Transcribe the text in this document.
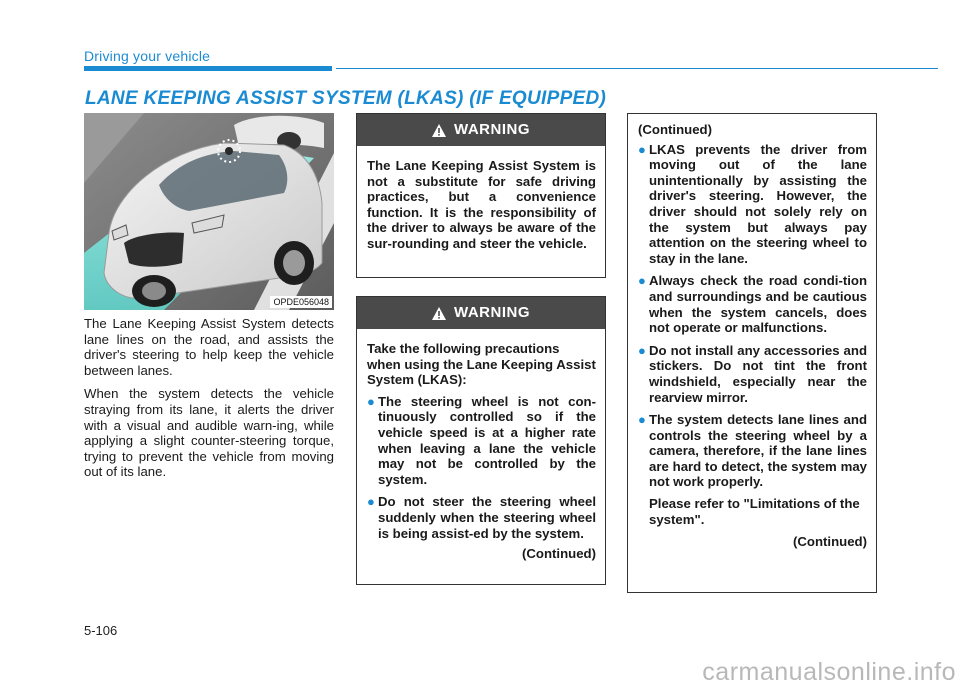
Driving your vehicle
LANE KEEPING ASSIST SYSTEM (LKAS) (IF EQUIPPED)
OPDE056048

The Lane Keeping Assist System detects lane lines on the road, and assists the driver's steering to help keep the vehicle between lanes.

When the system detects the vehicle straying from its lane, it alerts the driver with a visual and audible warn-ing, while applying a slight counter-steering torque, trying to prevent the vehicle from moving out of its lane.

WARNING

The Lane Keeping Assist System is not a substitute for safe driving practices, but a convenience function. It is the responsibility of the driver to always be aware of the sur-rounding and steer the vehicle.

WARNING

Take the following precautions when using the Lane Keeping Assist System (LKAS):

● The steering wheel is not con-tinuously controlled so if the vehicle speed is at a higher rate when leaving a lane the vehicle may not be controlled by the system.
● Do not steer the steering wheel suddenly when the steering wheel is being assist-ed by the system.
(Continued)

(Continued)

● LKAS prevents the driver from moving out of the lane unintentionally by assisting the driver's steering. However, the driver should not solely rely on the system but always pay attention on the steering wheel to stay in the lane.
● Always check the road condi-tion and surroundings and be cautious when the system cancels, does not operate or malfunctions.
● Do not install any accessories and stickers. Do not tint the front windshield, especially near the rearview mirror.
● The system detects lane lines and controls the steering wheel by a camera, therefore, if the lane lines are hard to detect, the system may not work properly.

Please refer to "Limitations of the system".

(Continued)
5-106
carmanualsonline.info
